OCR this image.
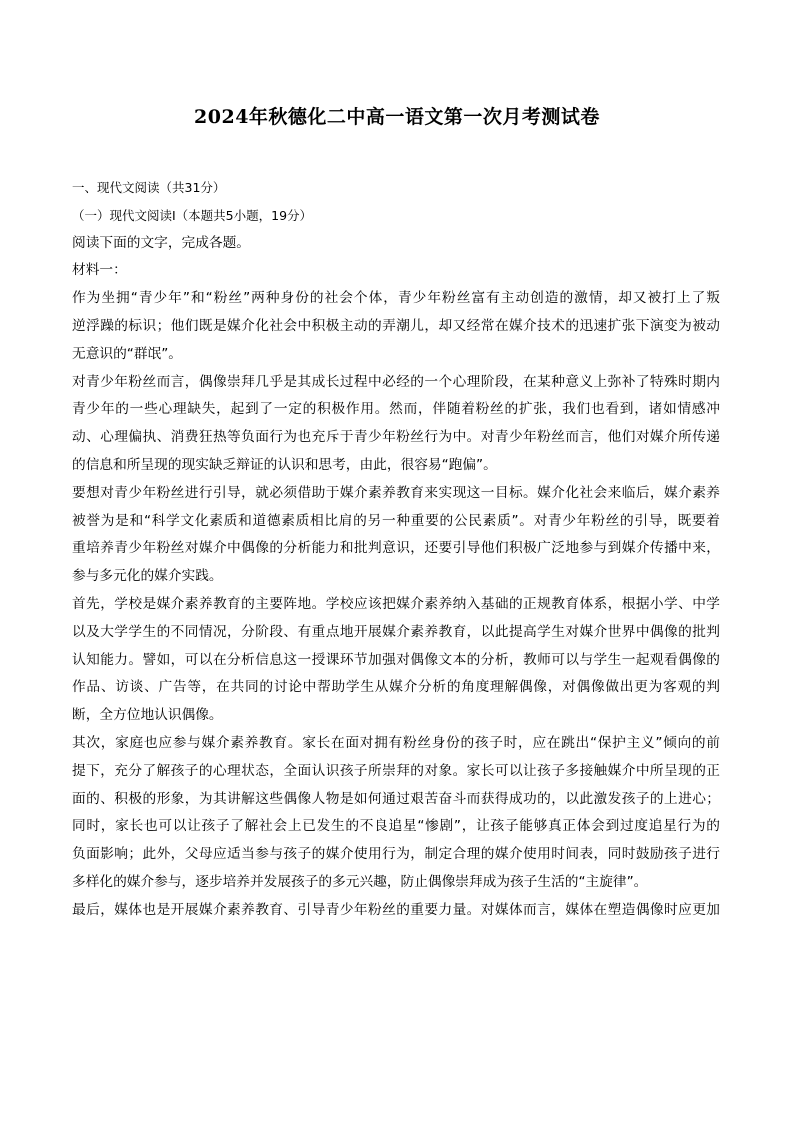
2024年秋德化二中高一语文第一次月考测试卷
一、现代文阅读（共31分）
（一）现代文阅读Ⅰ（本题共5小题，19分）
阅读下面的文字，完成各题。
材料一：
作为坐拥“青少年”和“粉丝”两种身份的社会个体，青少年粉丝富有主动创造的激情，却又被打上了叛
逆浮躁的标识；他们既是媒介化社会中积极主动的弄潮儿，却又经常在媒介技术的迅速扩张下演变为被动
无意识的“群氓”。
对青少年粉丝而言，偶像崇拜几乎是其成长过程中必经的一个心理阶段，在某种意义上弥补了特殊时期内
青少年的一些心理缺失，起到了一定的积极作用。然而，伴随着粉丝的扩张，我们也看到，诸如情感冲
动、心理偏执、消费狂热等负面行为也充斥于青少年粉丝行为中。对青少年粉丝而言，他们对媒介所传递
的信息和所呈现的现实缺乏辩证的认识和思考，由此，很容易“跑偏”。
要想对青少年粉丝进行引导，就必须借助于媒介素养教育来实现这一目标。媒介化社会来临后，媒介素养
被誉为是和“科学文化素质和道德素质相比肩的另一种重要的公民素质”。对青少年粉丝的引导，既要着
重培养青少年粉丝对媒介中偶像的分析能力和批判意识，还要引导他们积极广泛地参与到媒介传播中来，
参与多元化的媒介实践。
首先，学校是媒介素养教育的主要阵地。学校应该把媒介素养纳入基础的正规教育体系，根据小学、中学
以及大学学生的不同情况，分阶段、有重点地开展媒介素养教育，以此提高学生对媒介世界中偶像的批判
认知能力。譬如，可以在分析信息这一授课环节加强对偶像文本的分析，教师可以与学生一起观看偶像的
作品、访谈、广告等，在共同的讨论中帮助学生从媒介分析的角度理解偶像，对偶像做出更为客观的判
断，全方位地认识偶像。
其次，家庭也应参与媒介素养教育。家长在面对拥有粉丝身份的孩子时，应在跳出“保护主义”倾向的前
提下，充分了解孩子的心理状态，全面认识孩子所崇拜的对象。家长可以让孩子多接触媒介中所呈现的正
面的、积极的形象，为其讲解这些偶像人物是如何通过艰苦奋斗而获得成功的，以此激发孩子的上进心；
同时，家长也可以让孩子了解社会上已发生的不良追星“惨剧”，让孩子能够真正体会到过度追星行为的
负面影响；此外，父母应适当参与孩子的媒介使用行为，制定合理的媒介使用时间表，同时鼓励孩子进行
多样化的媒介参与，逐步培养并发展孩子的多元兴趣，防止偶像崇拜成为孩子生活的“主旋律”。
最后，媒体也是开展媒介素养教育、引导青少年粉丝的重要力量。对媒体而言，媒体在塑造偶像时应更加
